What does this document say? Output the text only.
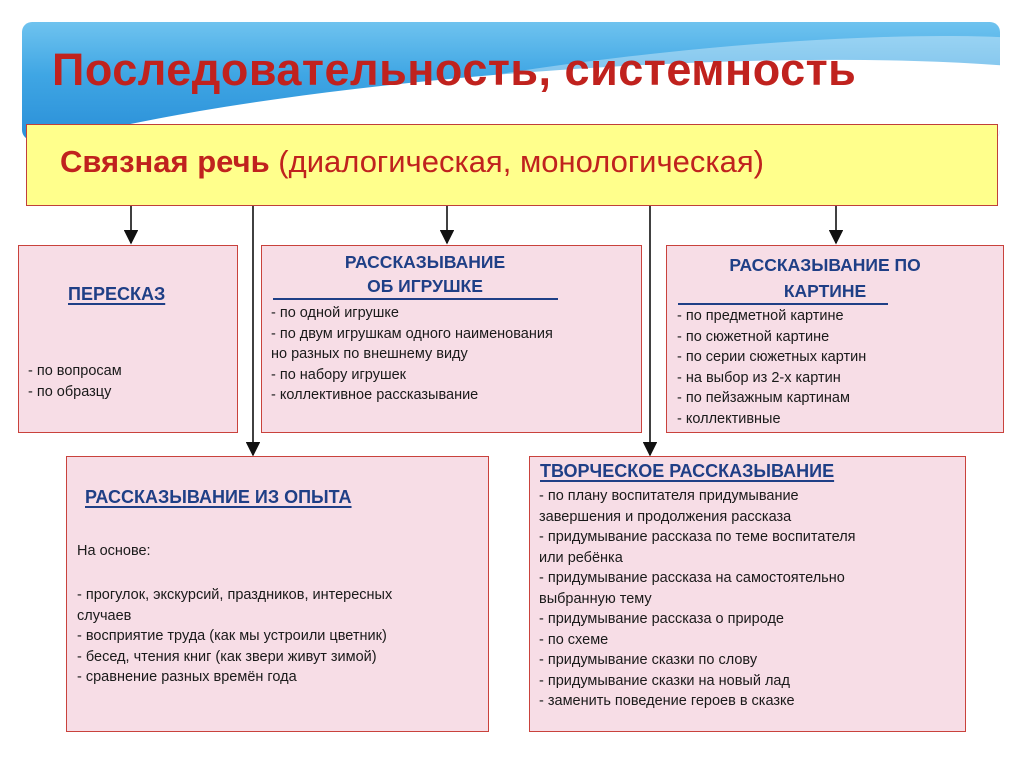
Последовательность, системность
Связная речь (диалогическая, монологическая)
ПЕРЕСКАЗ
- по вопросам
- по образцу
РАССКАЗЫВАНИЕ
ОБ ИГРУШКЕ
- по одной игрушке
- по двум игрушкам одного наименования
но разных по внешнему виду
- по набору игрушек
- коллективное рассказывание
РАССКАЗЫВАНИЕ ПО
КАРТИНЕ
- по предметной картине
- по сюжетной картине
- по серии сюжетных картин
- на выбор из 2-х картин
- по пейзажным картинам
- коллективные
РАССКАЗЫВАНИЕ ИЗ ОПЫТА
На основе:
- прогулок, экскурсий, праздников, интересных
случаев
- восприятие труда (как мы устроили цветник)
- бесед, чтения книг (как звери живут зимой)
- сравнение разных времён года
ТВОРЧЕСКОЕ РАССКАЗЫВАНИЕ
- по плану воспитателя придумывание
завершения и продолжения рассказа
- придумывание рассказа по теме воспитателя
или ребёнка
- придумывание рассказа на самостоятельно
выбранную тему
- придумывание рассказа о природе
- по схеме
- придумывание сказки по слову
- придумывание сказки на новый лад
- заменить поведение героев в сказке
